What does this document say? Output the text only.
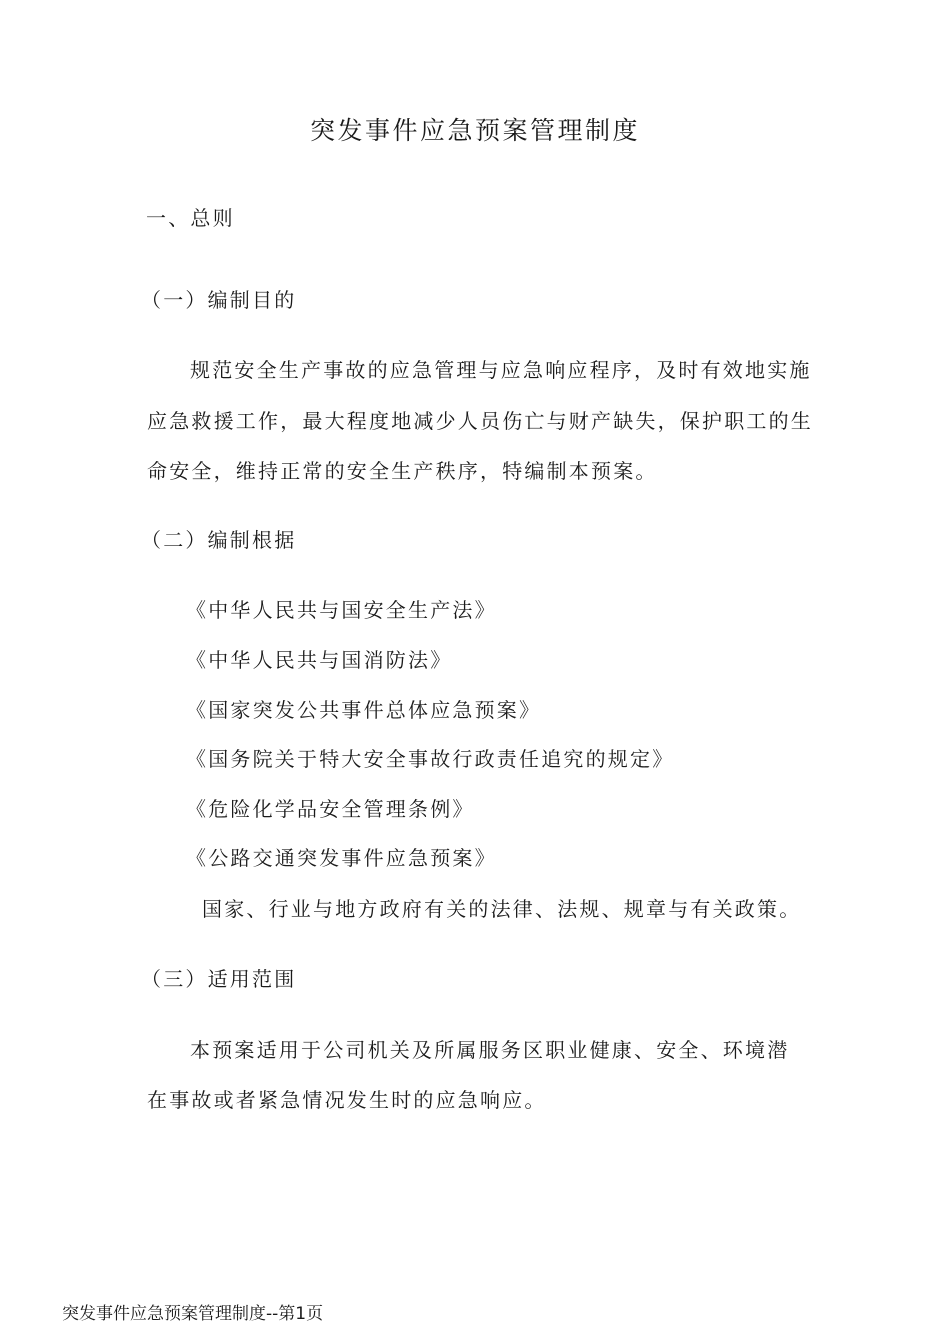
突发事件应急预案管理制度

一、总则

（一）编制目的

规范安全生产事故的应急管理与应急响应程序，及时有效地实施

应急救援工作，最大程度地减少人员伤亡与财产缺失，保护职工的生

命安全，维持正常的安全生产秩序，特编制本预案。

（二）编制根据

《中华人民共与国安全生产法》

《中华人民共与国消防法》

《国家突发公共事件总体应急预案》

《国务院关于特大安全事故行政责任追究的规定》

《危险化学品安全管理条例》

《公路交通突发事件应急预案》

国家、行业与地方政府有关的法律、法规、规章与有关政策。

（三）适用范围

本预案适用于公司机关及所属服务区职业健康、安全、环境潜

在事故或者紧急情况发生时的应急响应。

突发事件应急预案管理制度--第1页
